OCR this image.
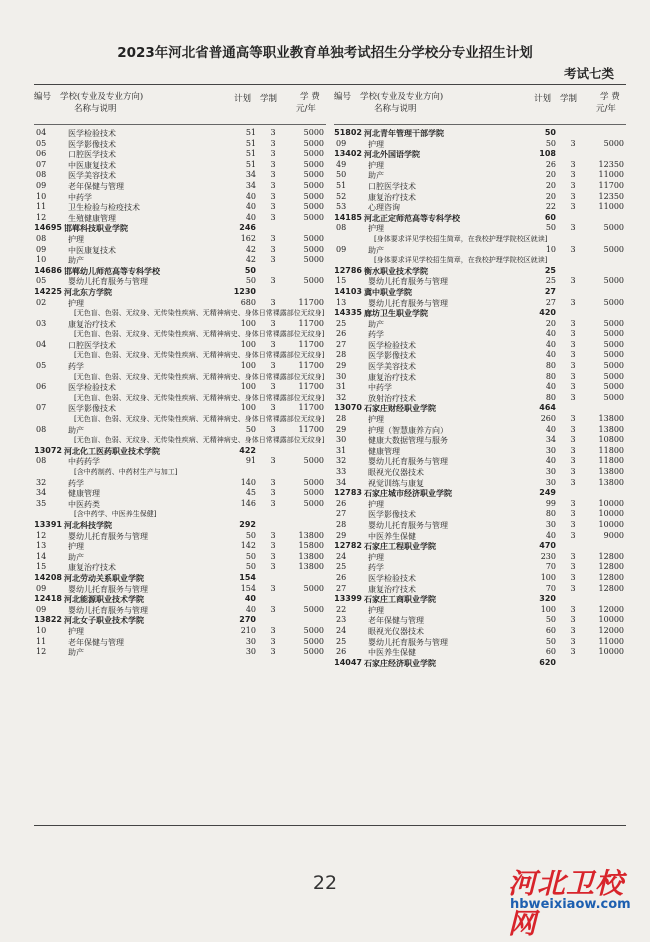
2023年河北省普通高等职业教育单独考试招生分学校分专业招生计划
考试七类
编号 学校(专业及专业方向)
名称与说明
计划 学制	学 费
元/年
04	医学检验技术	51	3	5000
05	医学影像技术	51	3	5000
06	口腔医学技术	51	3	5000
07	中医康复技术	51	3	5000
08	医学美容技术	34	3	5000
09	老年保健与管理	34	3	5000
10	中药学	40	3	5000
11	卫生检验与检疫技术	40	3	5000
12	生殖健康管理	40	3	5000
14695 邯郸科技职业学院	246
08	护理	162	3	5000
09	中医康复技术	42	3	5000
10	助产	42	3	5000
14686 邯郸幼儿师范高等专科学校	50
05	婴幼儿托育服务与管理	50	3	5000
14225 河北东方学院	1230
02	护理	680	3	11700
[无色盲、色弱、无纹身、无传染性疾病、无精神病史、身体日常裸露部位无纹身]
03	康复治疗技术	100	3	11700
[无色盲、色弱、无纹身、无传染性疾病、无精神病史、身体日常裸露部位无纹身]
04	口腔医学技术	100	3	11700
[无色盲、色弱、无纹身、无传染性疾病、无精神病史、身体日常裸露部位无纹身]
05	药学	100	3	11700
[无色盲、色弱、无纹身、无传染性疾病、无精神病史、身体日常裸露部位无纹身]
06	医学检验技术	100	3	11700
[无色盲、色弱、无纹身、无传染性疾病、无精神病史、身体日常裸露部位无纹身]
07	医学影像技术	100	3	11700
[无色盲、色弱、无纹身、无传染性疾病、无精神病史、身体日常裸露部位无纹身]
08	助产	50	3	11700
[无色盲、色弱、无纹身、无传染性疾病、无精神病史、身体日常裸露部位无纹身]
13072 河北化工医药职业技术学院	422
08	中药药学	91	3	5000
[含中药制药、中药材生产与加工]
32	药学	140	3	5000
34	健康管理	45	3	5000
35	中医药类	146	3	5000
[含中药学、中医养生保健]
13391 河北科技学院	292
12	婴幼儿托育服务与管理	50	3	13800
13	护理	142	3	15800
14	助产	50	3	13800
15	康复治疗技术	50	3	13800
14208 河北劳动关系职业学院	154
09	婴幼儿托育服务与管理	154	3	5000
12418 河北能源职业技术学院	40
09	婴幼儿托育服务与管理	40	3	5000
13822 河北女子职业技术学院	270
10	护理	210	3	5000
11	老年保健与管理	30	3	5000
12	助产	30	3	5000
编号 学校(专业及专业方向)
名称与说明
计划 学制	学 费
元/年
51802 河北青年管理干部学院	50
09	护理	50	3	5000
13402 河北外国语学院	108
49	护理	26	3	12350
50	助产	20	3	11000
51	口腔医学技术	20	3	11700
52	康复治疗技术	20	3	12350
53	心理咨询	22	3	11000
14185 河北正定师范高等专科学校	60
08	护理	50	3	5000
[身体要求详见学校招生简章，在我校护理学院校区就读]
09	助产	10	3	5000
[身体要求详见学校招生简章，在我校护理学院校区就读]
12786 衡水职业技术学院	25
15	婴幼儿托育服务与管理	25	3	5000
14103 冀中职业学院	27
13	婴幼儿托育服务与管理	27	3	5000
14335 廊坊卫生职业学院	420
25	助产	20	3	5000
26	药学	40	3	5000
27	医学检验技术	40	3	5000
28	医学影像技术	40	3	5000
29	医学美容技术	80	3	5000
30	康复治疗技术	80	3	5000
31	中药学	40	3	5000
32	放射治疗技术	80	3	5000
13070 石家庄财经职业学院	464
28	护理	260	3	13800
29	护理（智慧康养方向）	40	3	13800
30	健康大数据管理与服务	34	3	10800
31	健康管理	30	3	11800
32	婴幼儿托育服务与管理	40	3	11800
33	眼视光仪器技术	30	3	13800
34	视觉训练与康复	30	3	13800
12783 石家庄城市经济职业学院	249
26	护理	99	3	10000
27	医学影像技术	80	3	10000
28	婴幼儿托育服务与管理	30	3	10000
29	中医养生保健	40	3	9000
12782 石家庄工程职业学院	470
24	护理	230	3	12800
25	药学	70	3	12800
26	医学检验技术	100	3	12800
27	康复治疗技术	70	3	12800
13399 石家庄工商职业学院	320
22	护理	100	3	12000
23	老年保健与管理	50	3	10000
24	眼视光仪器技术	60	3	12000
25	婴幼儿托育服务与管理	50	3	11000
26	中医养生保健	60	3	10000
14047 石家庄经济职业学院	620
22	河北卫校网
hbweixiaow.com
